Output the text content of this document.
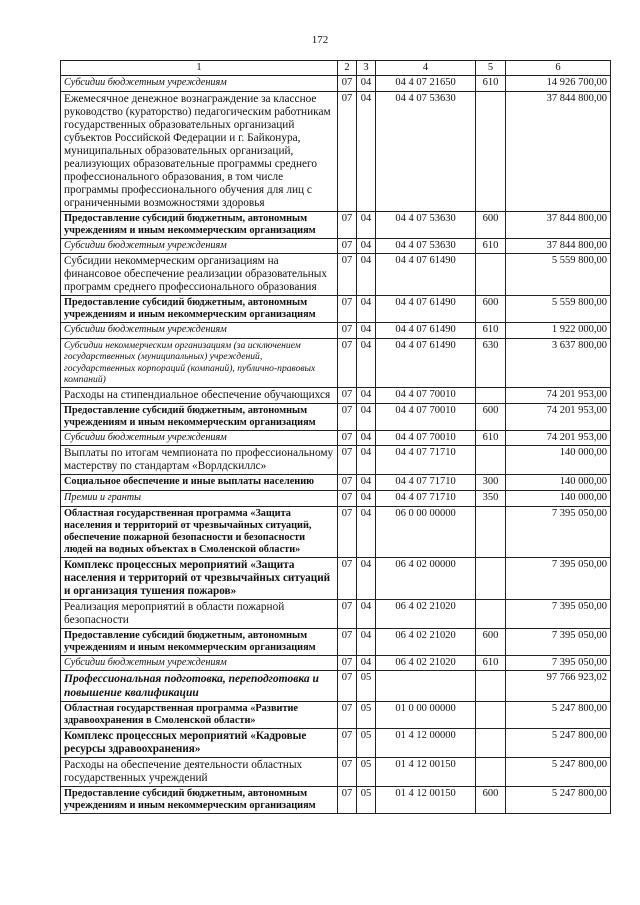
172
1	2	3	4	5	6
Субсидии бюджетным учреждениям	07	04	04 4 07 21650	610	14 926 700,00
Ежемесячное денежное вознаграждение за классное руководство (кураторство) педагогическим работникам государственных образовательных организаций субъектов Российской Федерации и г. Байконура, муниципальных образовательных организаций, реализующих образовательные программы среднего профессионального образования, в том числе программы профессионального обучения для лиц с ограниченными возможностями здоровья	07	04	04 4 07 53630		37 844 800,00
Предоставление субсидий бюджетным, автономным учреждениям и иным некоммерческим организациям	07	04	04 4 07 53630	600	37 844 800,00
Субсидии бюджетным учреждениям	07	04	04 4 07 53630	610	37 844 800,00
Субсидии некоммерческим организациям на финансовое обеспечение реализации образовательных программ среднего профессионального образования	07	04	04 4 07 61490		5 559 800,00
Предоставление субсидий бюджетным, автономным учреждениям и иным некоммерческим организациям	07	04	04 4 07 61490	600	5 559 800,00
Субсидии бюджетным учреждениям	07	04	04 4 07 61490	610	1 922 000,00
Субсидии некоммерческим организациям (за исключением государственных (муниципальных) учреждений, государственных корпораций (компаний), публично-правовых компаний)	07	04	04 4 07 61490	630	3 637 800,00
Расходы на стипендиальное обеспечение обучающихся	07	04	04 4 07 70010		74 201 953,00
Предоставление субсидий бюджетным, автономным учреждениям и иным некоммерческим организациям	07	04	04 4 07 70010	600	74 201 953,00
Субсидии бюджетным учреждениям	07	04	04 4 07 70010	610	74 201 953,00
Выплаты по итогам чемпионата по профессиональному мастерству по стандартам «Ворлдскиллс»	07	04	04 4 07 71710		140 000,00
Социальное обеспечение и иные выплаты населению	07	04	04 4 07 71710	300	140 000,00
Премии и гранты	07	04	04 4 07 71710	350	140 000,00
Областная государственная программа «Защита населения и территорий от чрезвычайных ситуаций, обеспечение пожарной безопасности и безопасности людей на водных объектах в Смоленской области»	07	04	06 0 00 00000		7 395 050,00
Комплекс процессных мероприятий «Защита населения и территорий от чрезвычайных ситуаций и организация тушения пожаров»	07	04	06 4 02 00000		7 395 050,00
Реализация мероприятий в области пожарной безопасности	07	04	06 4 02 21020		7 395 050,00
Предоставление субсидий бюджетным, автономным учреждениям и иным некоммерческим организациям	07	04	06 4 02 21020	600	7 395 050,00
Субсидии бюджетным учреждениям	07	04	06 4 02 21020	610	7 395 050,00
Профессиональная подготовка, переподготовка и повышение квалификации	07	05			97 766 923,02
Областная государственная программа «Развитие здравоохранения в Смоленской области»	07	05	01 0 00 00000		5 247 800,00
Комплекс процессных мероприятий «Кадровые ресурсы здравоохранения»	07	05	01 4 12 00000		5 247 800,00
Расходы на обеспечение деятельности областных государственных учреждений	07	05	01 4 12 00150		5 247 800,00
Предоставление субсидий бюджетным, автономным учреждениям и иным некоммерческим организациям	07	05	01 4 12 00150	600	5 247 800,00
